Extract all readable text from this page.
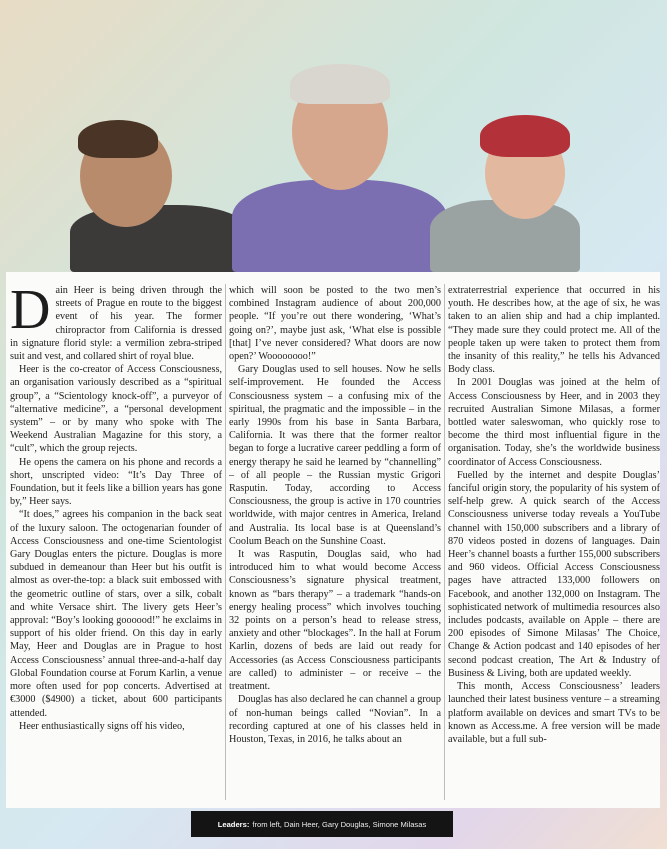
Dain Heer is being driven through the streets of Prague en route to the biggest event of his year. The former chiropractor from California is dressed in signature florid style: a vermilion zebra-striped suit and vest, and collared shirt of royal blue.

Heer is the co-creator of Access Consciousness, an organisation variously described as a “spiritual group”, a “Scientology knock-off”, a purveyor of “alternative medicine”, a “personal development system” – or by many who spoke with The Weekend Australian Magazine for this story, a “cult”, which the group rejects.

He opens the camera on his phone and records a short, unscripted video: “It’s Day Three of Foundation, but it feels like a billion years has gone by,” Heer says.

“It does,” agrees his companion in the back seat of the luxury saloon. The octogenarian founder of Access Consciousness and one-time Scientologist Gary Douglas enters the picture. Douglas is more subdued in demeanour than Heer but his outfit is almost as over-the-top: a black suit embossed with the geometric outline of stars, over a silk, cobalt and white Versace shirt. The livery gets Heer’s approval: “Boy’s looking goooood!” he exclaims in support of his older friend. On this day in early May, Heer and Douglas are in Prague to host Access Consciousness’ annual three-and-a-half day Global Foundation course at Forum Karlin, a venue more often used for pop concerts. Advertised at €3000 ($4900) a ticket, about 600 participants attended.

Heer enthusiastically signs off his video,

which will soon be posted to the two men’s combined Instagram audience of about 200,000 people. “If you’re out there wondering, ‘What’s going on?’, maybe just ask, ‘What else is possible [that] I’ve never considered? What doors are now open?’ Woooooooo!”

Gary Douglas used to sell houses. Now he sells self-improvement. He founded the Access Consciousness system – a confusing mix of the spiritual, the pragmatic and the impossible – in the early 1990s from his base in Santa Barbara, California. It was there that the former realtor began to forge a lucrative career peddling a form of energy therapy he said he learned by “channelling” – of all people – the Russian mystic Grigori Rasputin. Today, according to Access Consciousness, the group is active in 170 countries worldwide, with major centres in America, Ireland and Australia. Its local base is at Queensland’s Coolum Beach on the Sunshine Coast.

It was Rasputin, Douglas said, who had introduced him to what would become Access Consciousness’s signature physical treatment, known as “bars therapy” – a trademark “hands-on energy healing process” which involves touching 32 points on a person’s head to release stress, anxiety and other “blockages”. In the hall at Forum Karlin, dozens of beds are laid out ready for Accessories (as Access Consciousness participants are called) to administer – or receive – the treatment.

Douglas has also declared he can channel a group of non-human beings called “Novian”. In a recording captured at one of his classes held in Houston, Texas, in 2016, he talks about an

extraterrestrial experience that occurred in his youth. He describes how, at the age of six, he was taken to an alien ship and had a chip implanted. “They made sure they could protect me. All of the people taken up were taken to protect them from the insanity of this reality,” he tells his Advanced Body class.

In 2001 Douglas was joined at the helm of Access Consciousness by Heer, and in 2003 they recruited Australian Simone Milasas, a former bottled water saleswoman, who quickly rose to become the third most influential figure in the organisation. Today, she’s the worldwide business coordinator of Access Consciousness.

Fuelled by the internet and despite Douglas’ fanciful origin story, the popularity of his system of self-help grew. A quick search of the Access Consciousness universe today reveals a YouTube channel with 150,000 subscribers and a library of 870 videos posted in dozens of languages. Dain Heer’s channel boasts a further 155,000 subscribers and 960 videos. Official Access Consciousness pages have attracted 133,000 followers on Facebook, and another 132,000 on Instagram. The sophisticated network of multimedia resources also includes podcasts, available on Apple – there are 200 episodes of Simone Milasas’ The Choice, Change & Action podcast and 140 episodes of her second podcast creation, The Art & Industry of Business & Living, both are updated weekly.

This month, Access Consciousness’ leaders launched their latest business venture – a streaming platform available on devices and smart TVs to be known as Access.me. A free version will be made available, but a full sub-

Leaders: from left, Dain Heer, Gary Douglas, Simone Milasas
